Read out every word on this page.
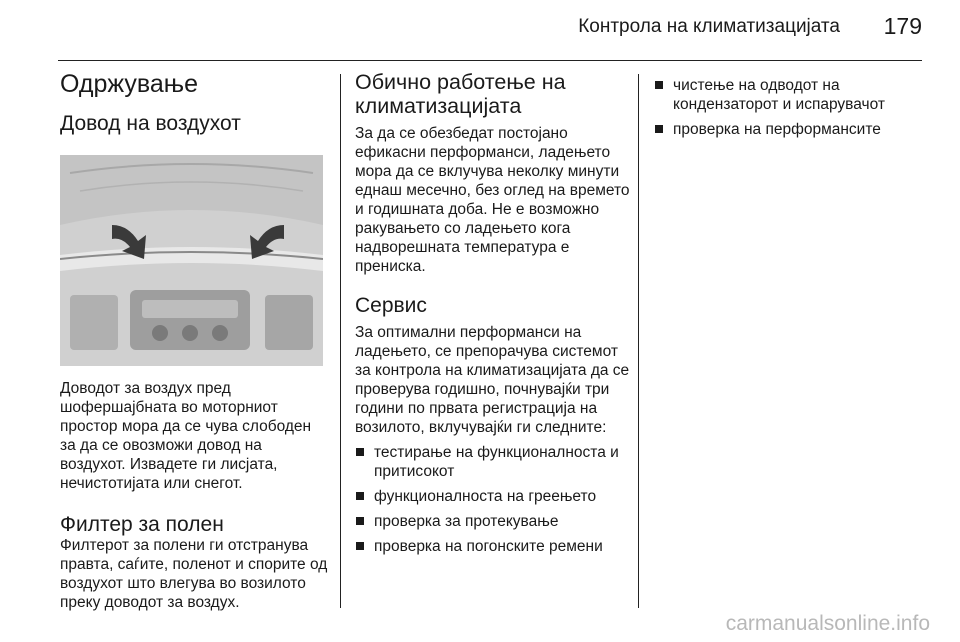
Контрола на климатизацијата 179
Одржување
Довод на воздухот

Доводот за воздух пред шофершајбната во моторниот простор мора да се чува слободен за да се овозможи довод на воздухот. Извадете ги лисјата, нечистотијата или снегот.

Филтер за полен

Филтерот за полени ги отстранува правта, саѓите, поленот и спорите од воздухот што влегува во возилото преку доводот за воздух.

Обично работење на климатизацијата

За да се обезбедат постојано ефикасни перформанси, ладењето мора да се вклучува неколку минути еднаш месечно, без оглед на времето и годишната доба. Не е возможно ракувањето со ладењето кога надворешната температура е прениска.

Сервис

За оптимални перформанси на ладењето, се препорачува системот за контрола на климатизацијата да се проверува годишно, почнувајќи три години по првата регистрација на возилото, вклучувајќи ги следните:

тестирање на функционалноста и притисокот
функционалноста на греењето
проверка за протекување
проверка на погонските ремени
чистење на одводот на кондензаторот и испарувачот
проверка на перформансите
carmanualsonline.info
